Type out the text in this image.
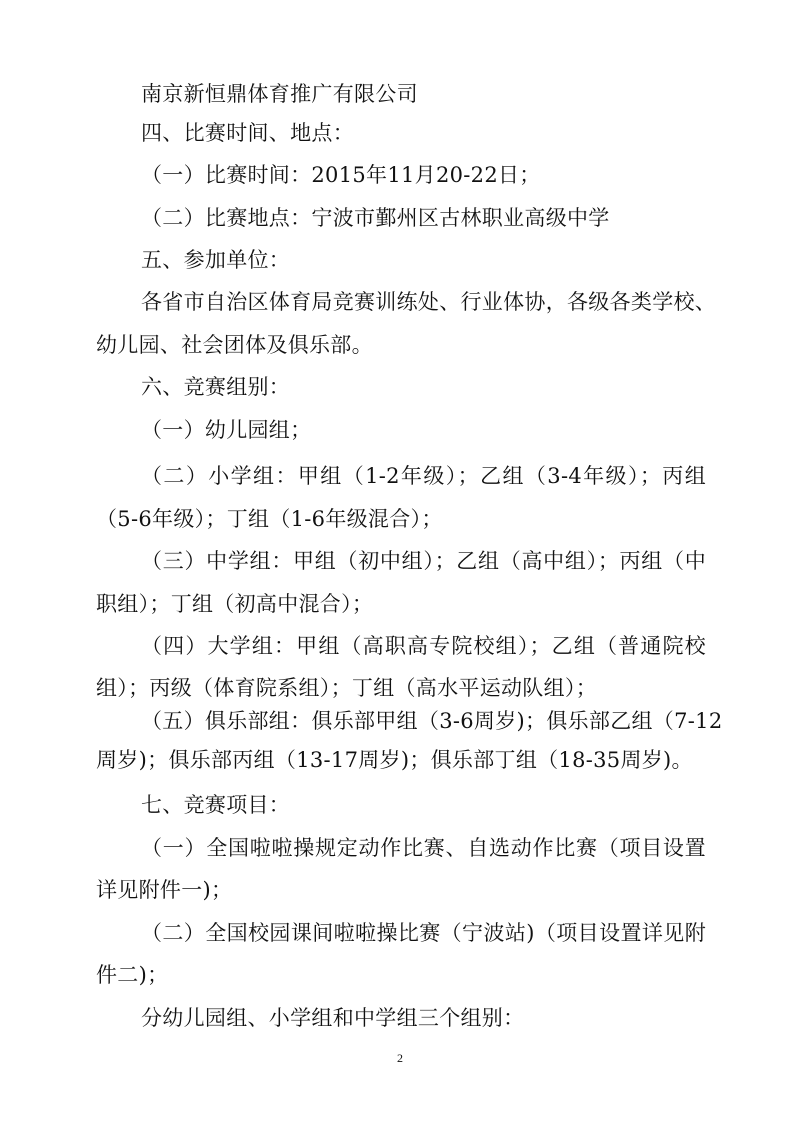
南京新恒鼎体育推广有限公司
四、比赛时间、地点：
（一）比赛时间：2015年11月20-22日；
（二）比赛地点：宁波市鄞州区古林职业高级中学
五、参加单位：
各省市自治区体育局竞赛训练处、行业体协，各级各类学校、
幼儿园、社会团体及俱乐部。
六、竞赛组别：
（一）幼儿园组；
（二）小学组：甲组（1-2年级）；乙组（3-4年级）；丙组
（5-6年级）；丁组（1-6年级混合）；
（三）中学组：甲组（初中组）；乙组（高中组）；丙组（中
职组）；丁组（初高中混合）；
（四）大学组：甲组（高职高专院校组）；乙组（普通院校
组）；丙级（体育院系组）；丁组（高水平运动队组）；
（五）俱乐部组：俱乐部甲组（3-6周岁)；俱乐部乙组（7-12
周岁)；俱乐部丙组（13-17周岁)；俱乐部丁组（18-35周岁)。
七、竞赛项目：
（一）全国啦啦操规定动作比赛、自选动作比赛（项目设置
详见附件一)；
（二）全国校园课间啦啦操比赛（宁波站)（项目设置详见附
件二)；
分幼儿园组、小学组和中学组三个组别：
2
